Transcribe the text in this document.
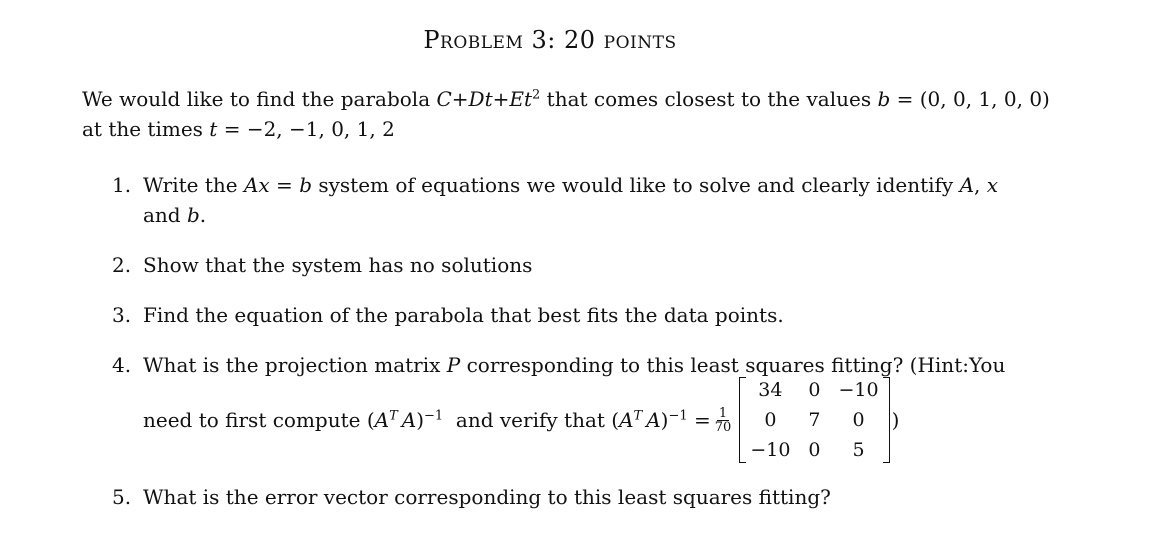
Problem 3: 20 points
We would like to find the parabola $C+Dt+Et^2$ that comes closest to the values b = (0, 0, 1, 0, 0)
at the times t = −2, −1, 0, 1, 2
1. Write the Ax = b system of equations we would like to solve and clearly identify A, x
and b.
2. Show that the system has no solutions
3. Find the equation of the parabola that best fits the data points.
4. What is the projection matrix P corresponding to this least squares fitting? (Hint:You
need to first compute ($A^T$  A)$^{-1}$ and verify that ($A^T$  $A)^{-1} = \frac{1}{70}$
34	0	−10
0	7	0
−10	0	5
)
5. What is the error vector corresponding to this least squares fitting?
